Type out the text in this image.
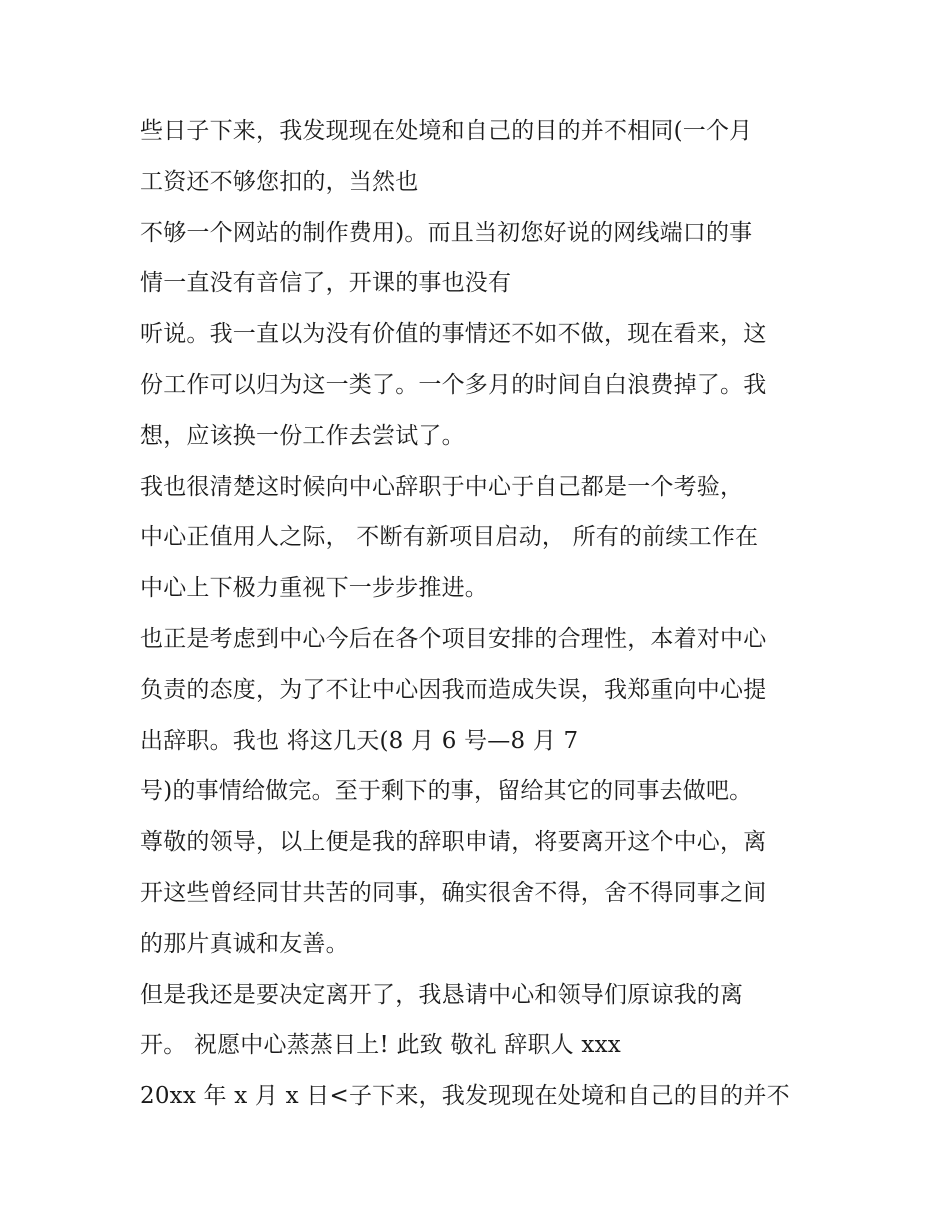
些日子下来，我发现现在处境和自己的目的并不相同(一个月
工资还不够您扣的，当然也
不够一个网站的制作费用)。而且当初您好说的网线端口的事
情一直没有音信了，开课的事也没有
听说。我一直以为没有价值的事情还不如不做，现在看来，这
份工作可以归为这一类了。一个多月的时间自白浪费掉了。我
想，应该换一份工作去尝试了。
我也很清楚这时候向中心辞职于中心于自己都是一个考验，
中心正值用人之际， 不断有新项目启动， 所有的前续工作在
中心上下极力重视下一步步推进。
也正是考虑到中心今后在各个项目安排的合理性，本着对中心
负责的态度，为了不让中心因我而造成失误，我郑重向中心提
出辞职。我也 将这几天(8 月 6 号—8 月 7
号)的事情给做完。至于剩下的事，留给其它的同事去做吧。
尊敬的领导，以上便是我的辞职申请，将要离开这个中心，离
开这些曾经同甘共苦的同事，确实很舍不得，舍不得同事之间
的那片真诚和友善。
但是我还是要决定离开了，我恳请中心和领导们原谅我的离
开。 祝愿中心蒸蒸日上! 此致 敬礼 辞职人 xxx
20xx 年 x 月 x 日<子下来，我发现现在处境和自己的目的并不
